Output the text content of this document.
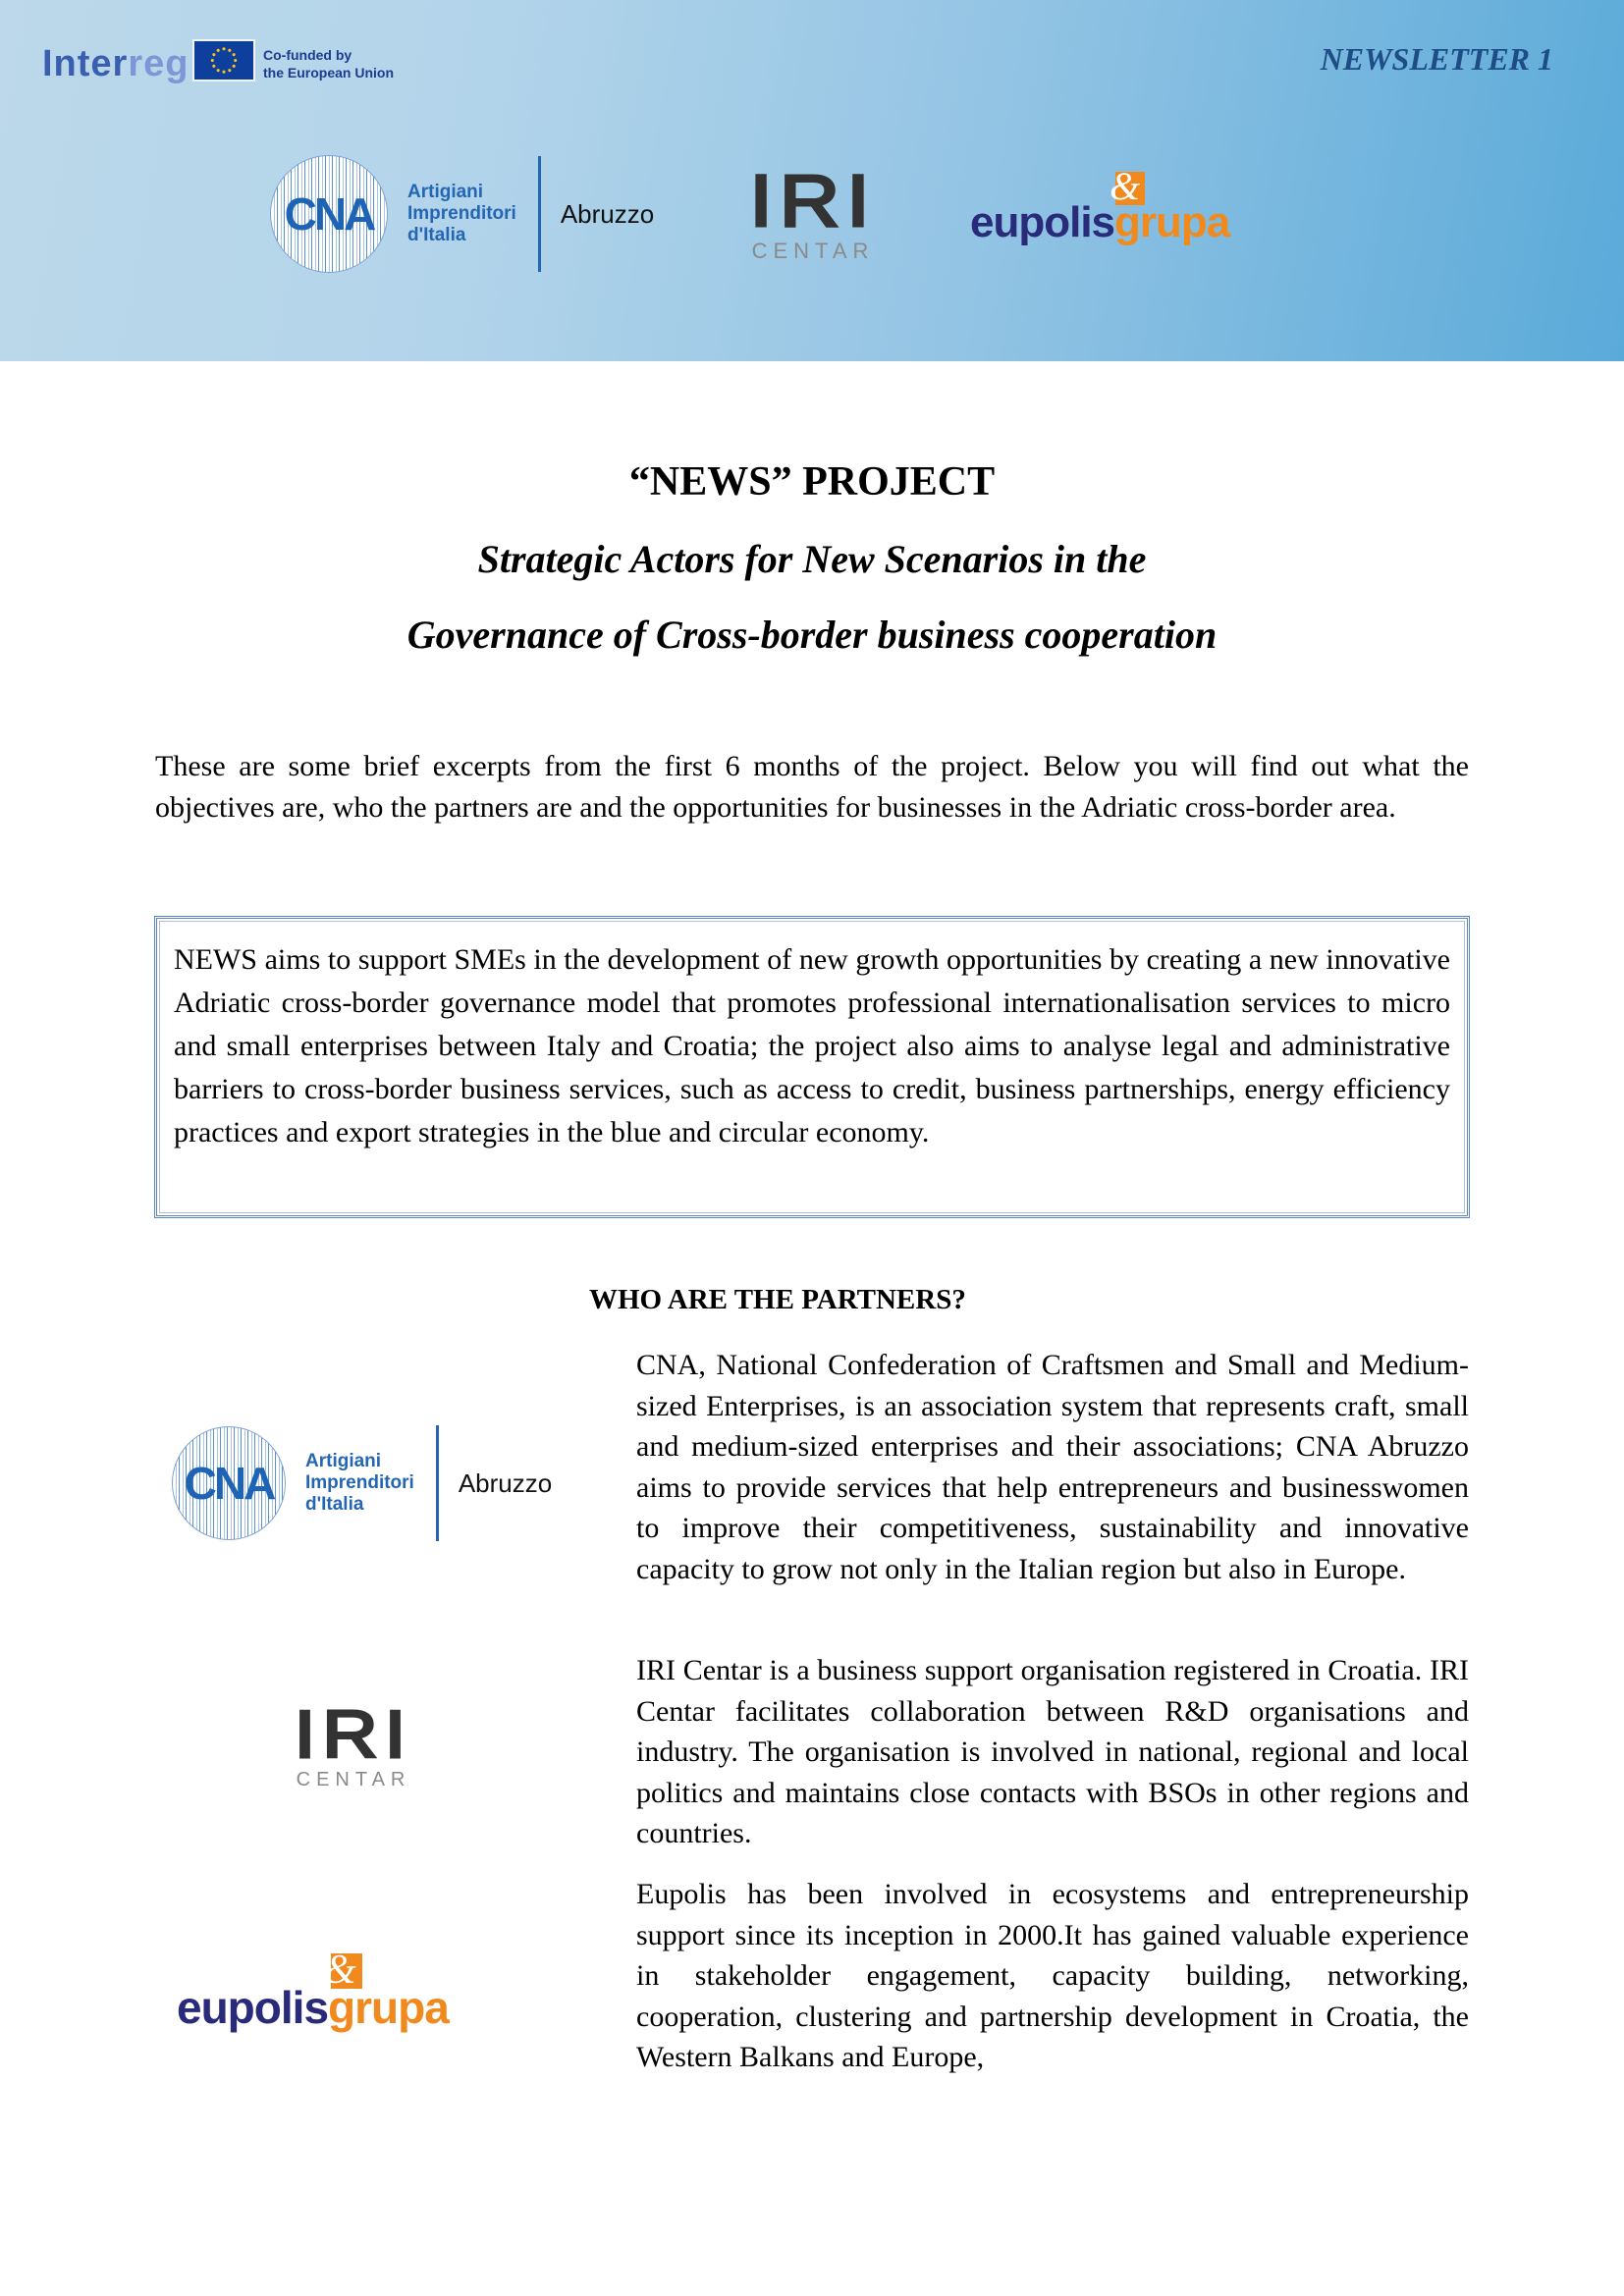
Interreg	Co-funded by
the European Union	NEWSLETTER 1
CNA Artigiani
Imprenditori
d'Italia
Abruzzo	IRI
CENTAR
&
eupolisgrupa
“NEWS” PROJECT
Strategic Actors for New Scenarios in the
Governance of Cross-border business cooperation

These are some brief excerpts from the first 6 months of the project. Below you will find out what the objectives are, who the partners are and the opportunities for businesses in the Adriatic cross-border area.

NEWS aims to support SMEs in the development of new growth opportunities by creating a new innovative Adriatic cross-border governance model that promotes professional internationalisation services to micro and small enterprises between Italy and Croatia; the project also aims to analyse legal and administrative barriers to cross-border business services, such as access to credit, business partnerships, energy efficiency practices and export strategies in the blue and circular economy.

WHO ARE THE PARTNERS?
CNA Artigiani
Imprenditori
d'Italia
Abruzzo

CNA, National Confederation of Craftsmen and Small and Medium-sized Enterprises, is an association system that represents craft, small and medium-sized enterprises and their associations; CNA Abruzzo aims to provide services that help entrepreneurs and businesswomen to improve their competitiveness, sustainability and innovative capacity to grow not only in the Italian region but also in Europe.

IRI
CENTAR

IRI Centar is a business support organisation registered in Croatia. IRI Centar facilitates collaboration between R&D organisations and industry. The organisation is involved in national, regional and local politics and maintains close contacts with BSOs in other regions and countries.

&
eupolisgrupa

Eupolis has been involved in ecosystems and entrepreneurship support since its inception in 2000.It has gained valuable experience in stakeholder engagement, capacity building, networking, cooperation, clustering and partnership development in Croatia, the Western Balkans and Europe,
